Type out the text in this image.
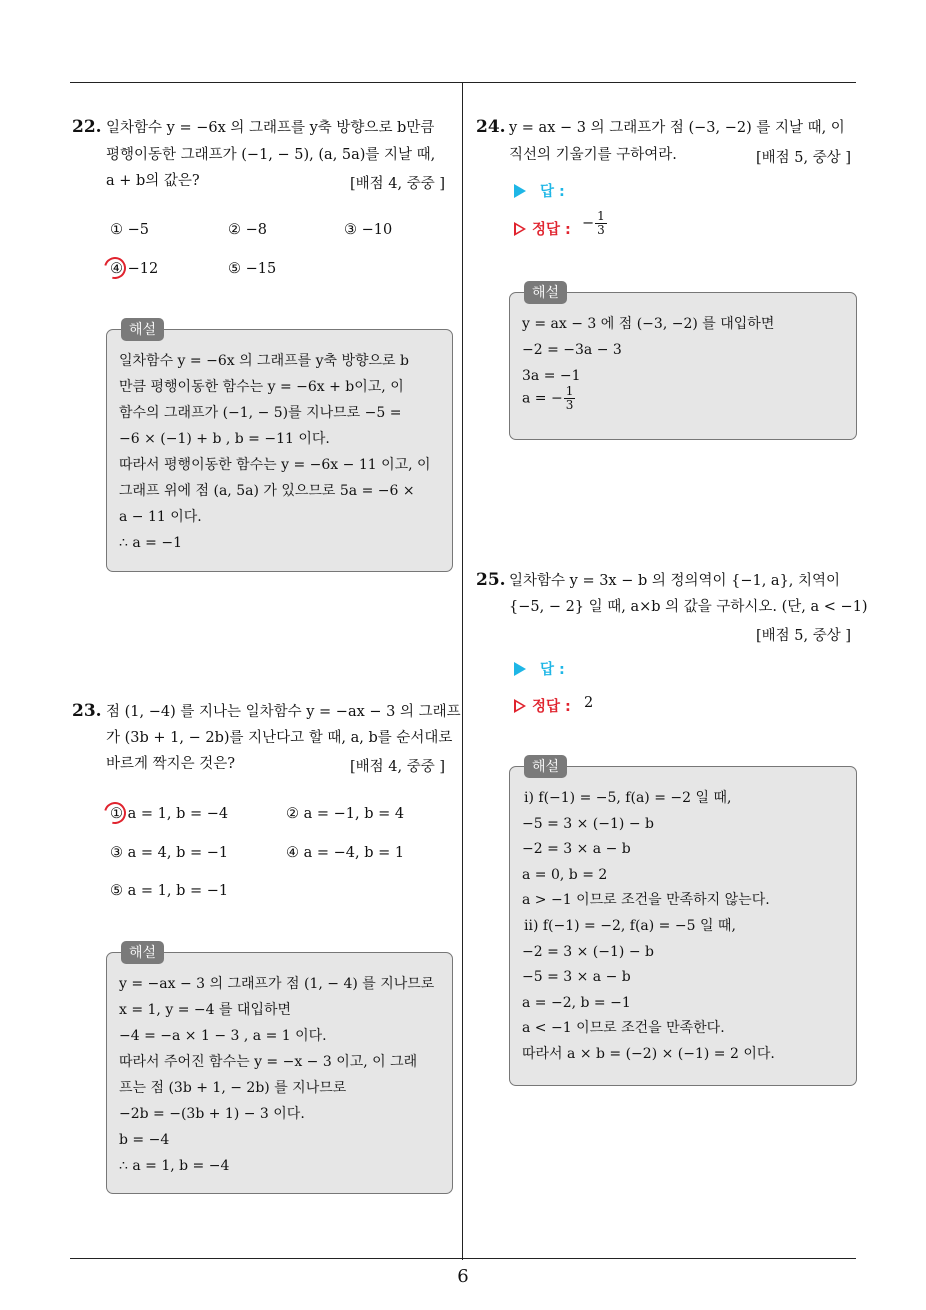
6
22. 일차함수 y = −6x 의 그래프를 y축 방향으로 b만큼
평행이동한 그래프가 (−1, − 5), (a, 5a)를 지날 때,
a + b의 값은?	[배점 4, 중중 ]
① −5	② −8	③ −10
④ −12	⑤ −15
해설
일차함수 y = −6x 의 그래프를 y축 방향으로 b
만큼 평행이동한 함수는 y = −6x + b이고, 이
함수의 그래프가 (−1, − 5)를 지나므로 −5 =
−6 × (−1) + b , b = −11 이다.
따라서 평행이동한 함수는 y = −6x − 11 이고, 이
그래프 위에 점 (a, 5a) 가 있으므로 5a = −6 ×
a − 11 이다.
∴ a = −1
23. 점 (1, −4) 를 지나는 일차함수 y = −ax − 3 의 그래프
가 (3b + 1, − 2b)를 지난다고 할 때, a, b를 순서대로
바르게 짝지은 것은?	[배점 4, 중중 ]
① a = 1, b = −4	② a = −1, b = 4
③ a = 4, b = −1	④ a = −4, b = 1
⑤ a = 1, b = −1
해설
y = −ax − 3 의 그래프가 점 (1, − 4) 를 지나므로
x = 1, y = −4 를 대입하면
−4 = −a × 1 − 3 , a = 1 이다.
따라서 주어진 함수는 y = −x − 3 이고, 이 그래
프는 점 (3b + 1, − 2b) 를 지나므로
−2b = −(3b + 1) − 3 이다.
b = −4
∴ a = 1, b = −4
24. y = ax − 3 의 그래프가 점 (−3, −2) 를 지날 때, 이
직선의 기울기를 구하여라.	[배점 5, 중상 ]
답 :
정답 : − $\frac{1}{3}$
해설
y = ax − 3 에 점 (−3, −2) 를 대입하면
−2 = −3a − 3
3a = −1
a = − $\frac{1}{3}$
25. 일차함수 y = 3x − b 의 정의역이 {−1, a}, 치역이
{−5, − 2} 일 때, a×b 의 값을 구하시오. (단, a < −1)
[배점 5, 중상 ]
답 :
정답 : 2
해설
ⅰ) f(−1) = −5, f(a) = −2 일 때,
−5 = 3 × (−1) − b
−2 = 3 × a − b
a = 0, b = 2
a > −1 이므로 조건을 만족하지 않는다.
ⅱ) f(−1) = −2, f(a) = −5 일 때,
−2 = 3 × (−1) − b
−5 = 3 × a − b
a = −2, b = −1
a < −1 이므로 조건을 만족한다.
따라서 a × b = (−2) × (−1) = 2 이다.
